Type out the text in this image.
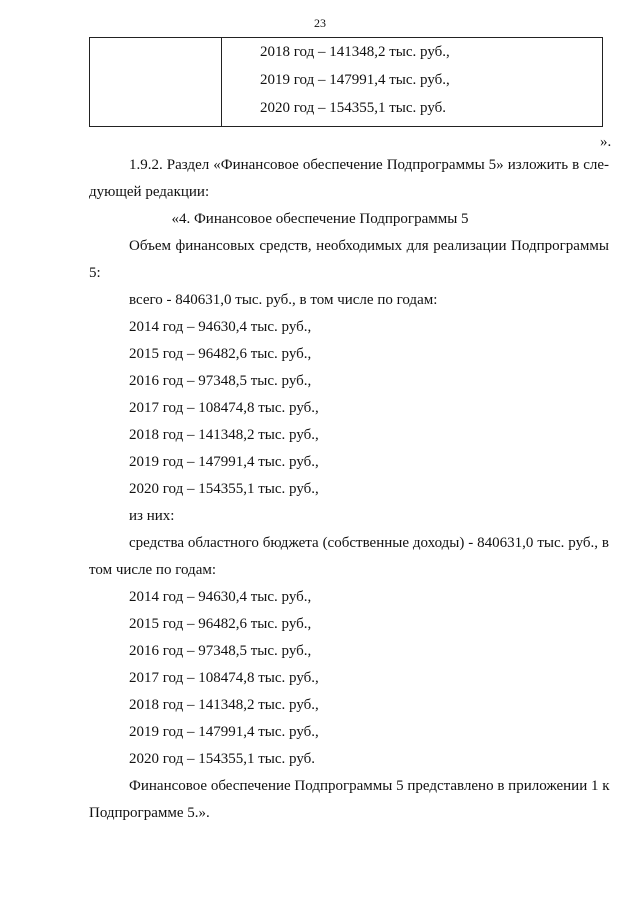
23
2018 год – 141348,2 тыс. руб.,
2019 год – 147991,4 тыс. руб.,
2020 год – 154355,1 тыс. руб.
».
1.9.2. Раздел «Финансовое обеспечение Подпрограммы 5» изложить в сле-
дующей редакции:
«4. Финансовое обеспечение Подпрограммы 5
Объем финансовых средств, необходимых для реализации Подпрограммы
5:
всего - 840631,0 тыс. руб., в том числе по годам:
2014 год – 94630,4 тыс. руб.,
2015 год – 96482,6 тыс. руб.,
2016 год – 97348,5 тыс. руб.,
2017 год – 108474,8 тыс. руб.,
2018 год – 141348,2 тыс. руб.,
2019 год – 147991,4 тыс. руб.,
2020 год – 154355,1 тыс. руб.,
из них:
средства областного бюджета (собственные доходы) - 840631,0 тыс. руб., в
том числе по годам:
2014 год – 94630,4 тыс. руб.,
2015 год – 96482,6 тыс. руб.,
2016 год – 97348,5 тыс. руб.,
2017 год – 108474,8 тыс. руб.,
2018 год – 141348,2 тыс. руб.,
2019 год – 147991,4 тыс. руб.,
2020 год – 154355,1 тыс. руб.
Финансовое обеспечение Подпрограммы 5 представлено в приложении 1 к
Подпрограмме 5.».
